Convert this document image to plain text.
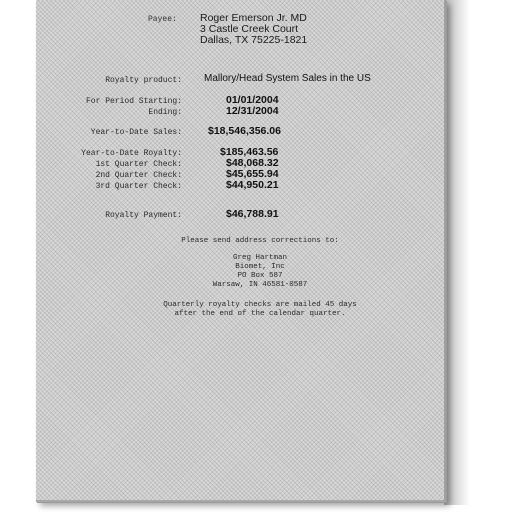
Payee: Roger Emerson Jr. MD
3 Castle Creek Court
Dallas, TX 75225-1821
Royalty product: Mallory/Head System Sales in the US
For Period Starting:	01/01/2004
Ending:	12/31/2004
Year-to-Date Sales: $18,546,356.06
Year-to-Date Royalty:	$185,463.56
1st Quarter Check:	$48,068.32
2nd Quarter Check:	$45,655.94
3rd Quarter Check:	$44,950.21
Royalty Payment:	$46,788.91
Please send address corrections to:
Greg Hartman
Biomet, Inc
PO Box 587
Warsaw, IN 46581-0587
Quarterly royalty checks are mailed 45 days
after the end of the calendar quarter.
